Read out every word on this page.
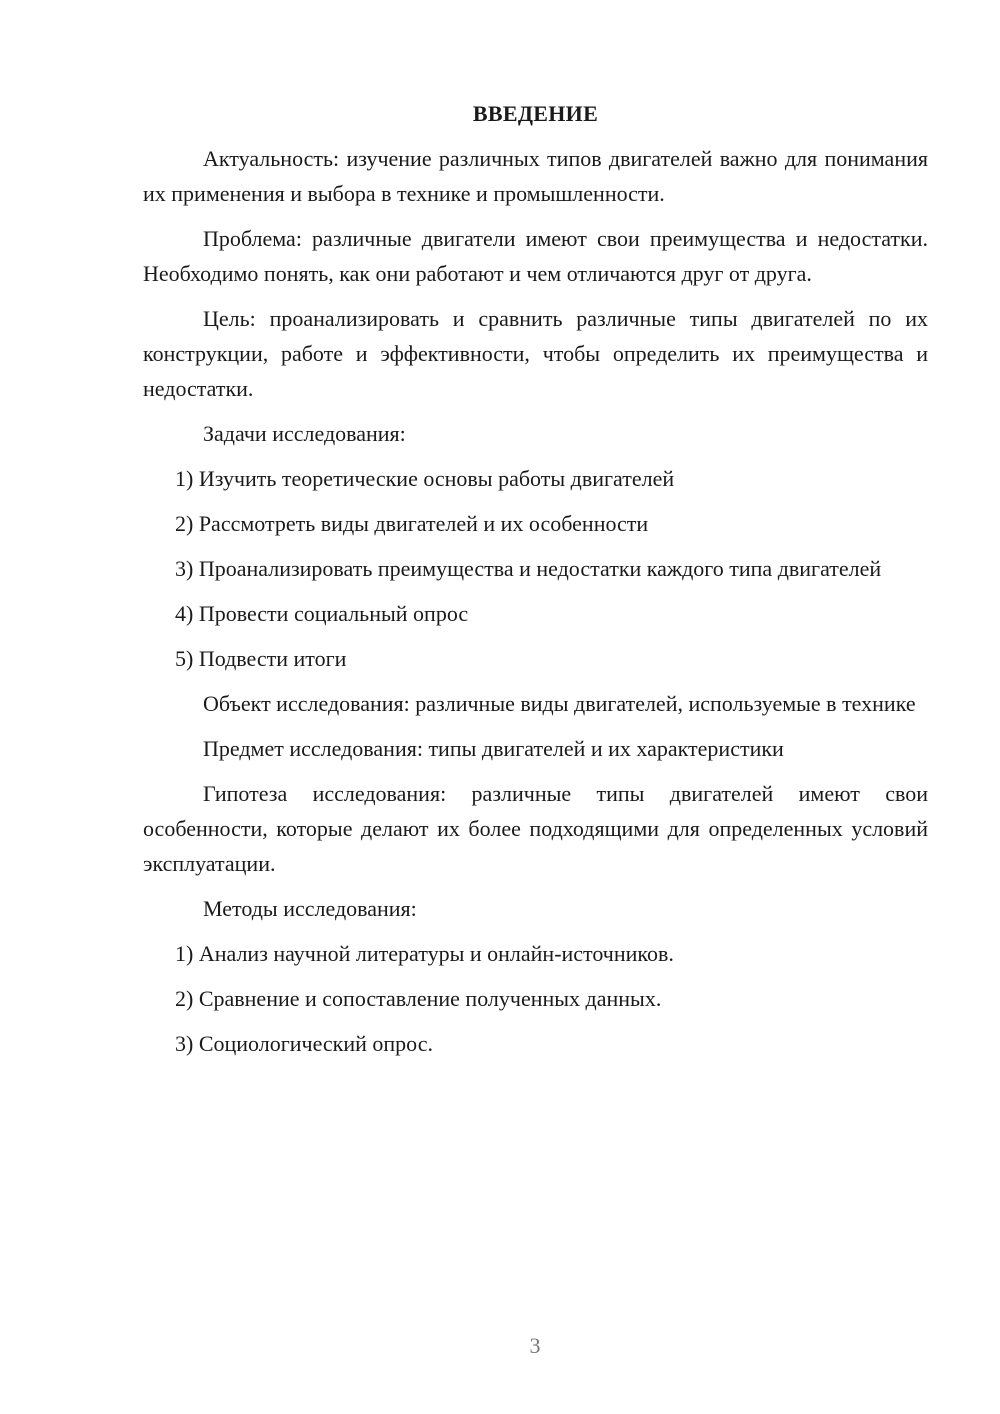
ВВЕДЕНИЕ

Актуальность: изучение различных типов двигателей важно для понимания их применения и выбора в технике и промышленности.

Проблема: различные двигатели имеют свои преимущества и недостатки. Необходимо понять, как они работают и чем отличаются друг от друга.

Цель: проанализировать и сравнить различные типы двигателей по их конструкции, работе и эффективности, чтобы определить их преимущества и недостатки.

Задачи исследования:

1) Изучить теоретические основы работы двигателей

2) Рассмотреть виды двигателей и их особенности

3) Проанализировать преимущества и недостатки каждого типа двигателей

4) Провести социальный опрос

5) Подвести итоги

Объект исследования: различные виды двигателей, используемые в технике

Предмет исследования: типы двигателей и их характеристики

Гипотеза исследования: различные типы двигателей имеют свои особенности, которые делают их более подходящими для определенных условий эксплуатации.

Методы исследования:

1) Анализ научной литературы и онлайн-источников.

2) Сравнение и сопоставление полученных данных.

3) Социологический опрос.

3
